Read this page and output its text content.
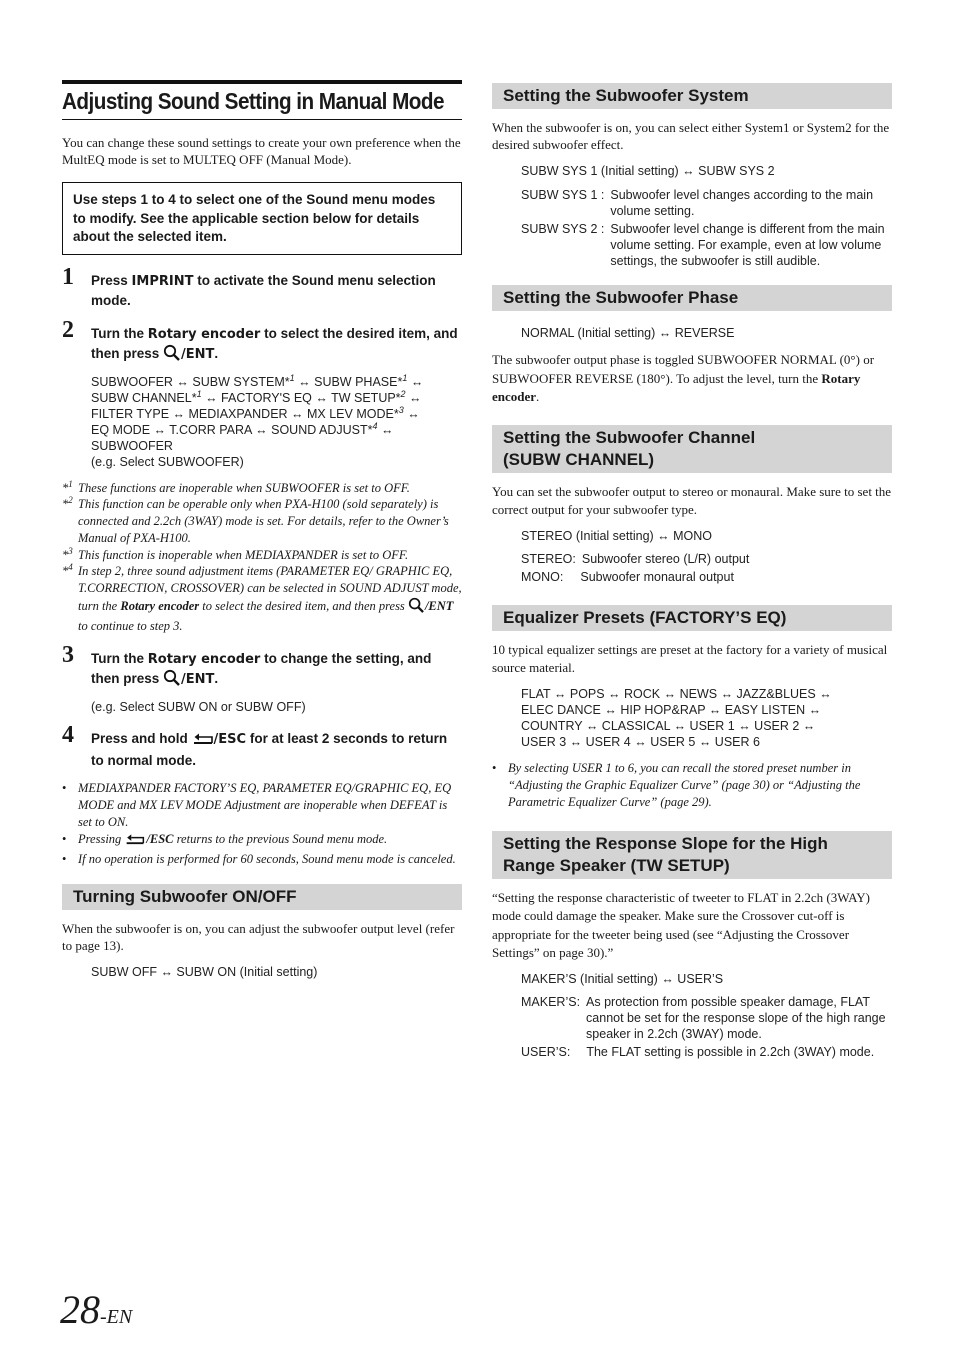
Adjusting Sound Setting in Manual Mode

You can change these sound settings to create your own preference when the MultEQ mode is set to MULTEQ OFF (Manual Mode).

Use steps 1 to 4 to select one of the Sound menu modes to modify. See the applicable section below for details about the selected item.
1	Press IMPRINT to activate the Sound menu selection mode.
2	Turn the Rotary encoder to select the desired item, and then press /ENT.
SUBWOOFER ↔ SUBW SYSTEM*$^1$ ↔ SUBW PHASE*$^1$ ↔
SUBW CHANNEL*$^1$ ↔ FACTORY'S EQ ↔ TW SETUP*$^2$ ↔
FILTER TYPE ↔ MEDIAXPANDER ↔ MX LEV MODE*$^3$ ↔
EQ MODE ↔ T.CORR PARA ↔ SOUND ADJUST*$^4$ ↔
SUBWOOFER
(e.g. Select SUBWOOFER)
*$^1$ These functions are inoperable when SUBWOOFER is set to OFF.
*$^2$ This function can be operable only when PXA-H100 (sold separately) is connected and 2.2ch (3WAY) mode is set. For details, refer to the Owner’s Manual of PXA-H100.
*$^3$ This function is inoperable when MEDIAXPANDER is set to OFF.
*$^4$ In step 2, three sound adjustment items (PARAMETER EQ/ GRAPHIC EQ, T.CORRECTION, CROSSOVER) can be selected in SOUND ADJUST mode, turn the Rotary encoder to select the desired item, and then press /ENT to continue to step 3.
3	Turn the Rotary encoder to change the setting, and then press /ENT.
(e.g. Select SUBW ON or SUBW OFF)
4	Press and hold /ESC for at least 2 seconds to return to normal mode.
• MEDIAXPANDER FACTORY’S EQ, PARAMETER EQ/GRAPHIC EQ, EQ MODE and MX LEV MODE Adjustment are inoperable when DEFEAT is set to ON.
• Pressing /ESC returns to the previous Sound menu mode.
• If no operation is performed for 60 seconds, Sound menu mode is canceled.
Turning Subwoofer ON/OFF

When the subwoofer is on, you can adjust the subwoofer output level (refer to page 13).

SUBW OFF ↔ SUBW ON (Initial setting)
Setting the Subwoofer System

When the subwoofer is on, you can select either System1 or System2 for the desired subwoofer effect.

SUBW SYS 1 (Initial setting) ↔ SUBW SYS 2
SUBW SYS 1 : Subwoofer level changes according to the main volume setting.
SUBW SYS 2 : Subwoofer level change is different from the main volume setting. For example, even at low volume settings, the subwoofer is still audible.
Setting the Subwoofer Phase
NORMAL (Initial setting) ↔ REVERSE

The subwoofer output phase is toggled SUBWOOFER NORMAL (0°) or SUBWOOFER REVERSE (180°). To adjust the level, turn the Rotary encoder.

Setting the Subwoofer Channel
(SUBW CHANNEL)

You can set the subwoofer output to stereo or monaural. Make sure to set the correct output for your subwoofer type.

STEREO (Initial setting) ↔ MONO
STEREO: Subwoofer stereo (L/R) output
MONO:	Subwoofer monaural output
Equalizer Presets (FACTORY’S EQ)

10 typical equalizer settings are preset at the factory for a variety of musical source material.

FLAT ↔ POPS ↔ ROCK ↔ NEWS ↔ JAZZ&BLUES ↔
ELEC DANCE ↔ HIP HOP&RAP ↔ EASY LISTEN ↔
COUNTRY ↔ CLASSICAL ↔ USER 1 ↔ USER 2 ↔
USER 3 ↔ USER 4 ↔ USER 5 ↔ USER 6
• By selecting USER 1 to 6, you can recall the stored preset number in “Adjusting the Graphic Equalizer Curve” (page 30) or “Adjusting the Parametric Equalizer Curve” (page 29).
Setting the Response Slope for the High
Range Speaker (TW SETUP)

“Setting the response characteristic of tweeter to FLAT in 2.2ch (3WAY) mode could damage the speaker. Make sure the Crossover cut-off is appropriate for the tweeter being used (see “Adjusting the Crossover Settings” on page 30).”

MAKER’S (Initial setting) ↔ USER’S
MAKER’S: As protection from possible speaker damage, FLAT cannot be set for the response slope of the high range speaker in 2.2ch (3WAY) mode.
USER’S:	The FLAT setting is possible in 2.2ch (3WAY) mode.
28-EN
